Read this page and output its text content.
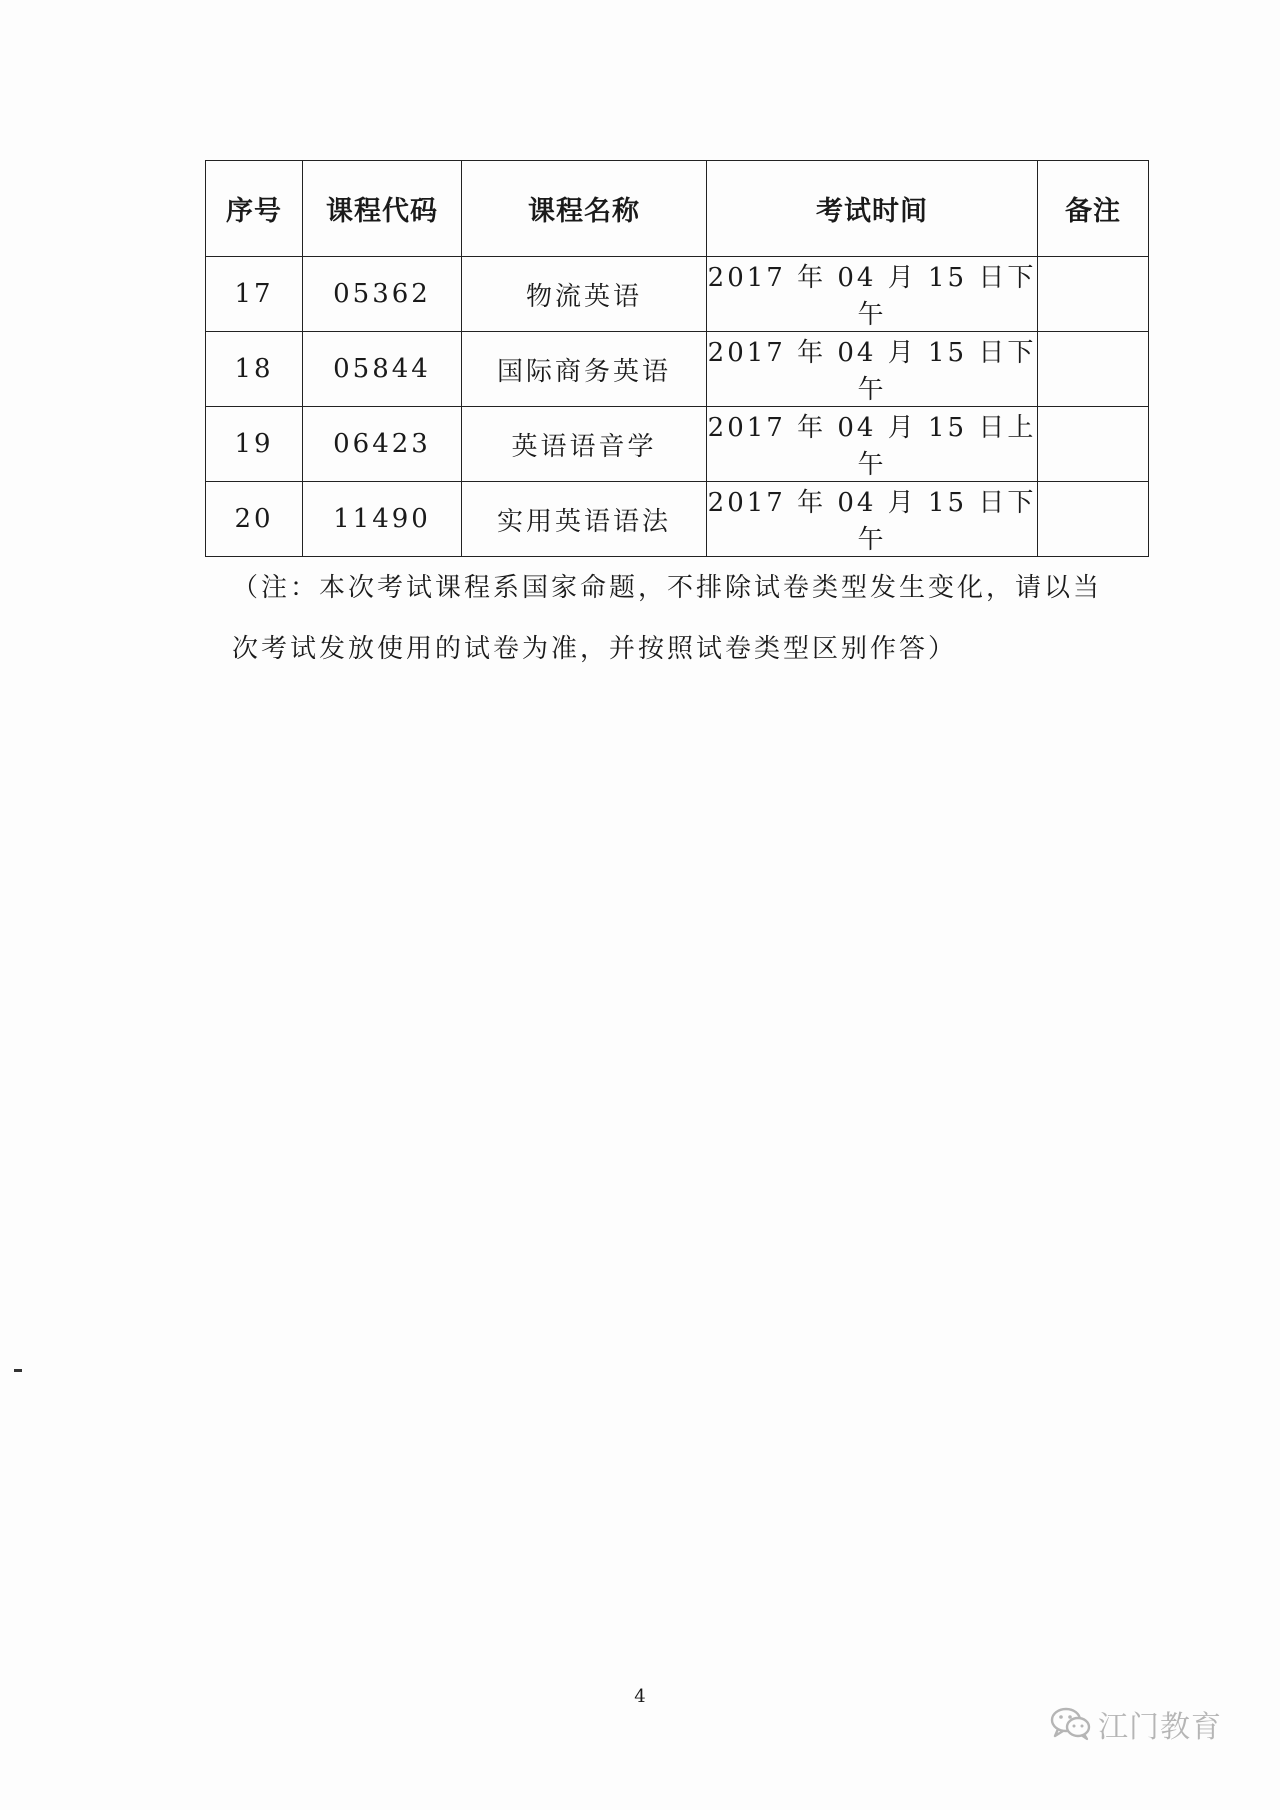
序号	课程代码	课程名称	考试时间	备注
17	05362	物流英语	2017 年 04 月 15 日下午	
18	05844	国际商务英语	2017 年 04 月 15 日下午	
19	06423	英语语音学	2017 年 04 月 15 日上午	
20	11490	实用英语语法	2017 年 04 月 15 日下午	
（注：本次考试课程系国家命题，不排除试卷类型发生变化，请以当

次考试发放使用的试卷为准，并按照试卷类型区别作答）
4
江门教育
